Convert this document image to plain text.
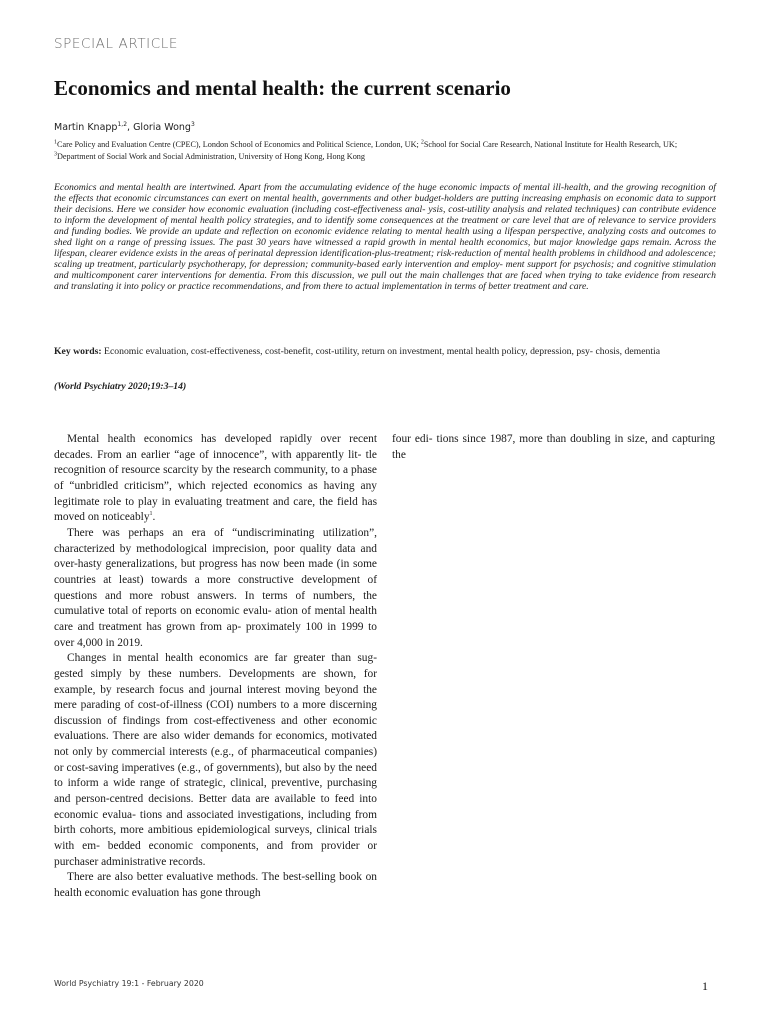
SPECIAL ARTICLE
Economics and mental health: the current scenario
Martin Knapp$^{1,2}$, Gloria Wong$^3$
$^1$Care Policy and Evaluation Centre (CPEC), London School of Economics and Political Science, London, UK; $^2$School for Social Care Research, National Institute for Health Research, UK;
$^3$Department of Social Work and Social Administration, University of Hong Kong, Hong Kong

Economics and mental health are intertwined. Apart from the accumulating evidence of the huge economic impacts of mental ill-health, and the growing recognition of the effects that economic circumstances can exert on mental health, governments and other budget-holders are putting increasing emphasis on economic data to support their decisions. Here we consider how economic evaluation (including cost-effectiveness anal- ysis, cost-utility analysis and related techniques) can contribute evidence to inform the development of mental health policy strategies, and to identify some consequences at the treatment or care level that are of relevance to service providers and funding bodies. We provide an update and reflection on economic evidence relating to mental health using a lifespan perspective, analyzing costs and outcomes to shed light on a range of pressing issues. The past 30 years have witnessed a rapid growth in mental health economics, but major knowledge gaps remain. Across the lifespan, clearer evidence exists in the areas of perinatal depression identification-plus-treatment; risk-reduction of mental health problems in childhood and adolescence; scaling up treatment, particularly psychotherapy, for depression; community-based early intervention and employ- ment support for psychosis; and cognitive stimulation and multicomponent carer interventions for dementia. From this discussion, we pull out the main challenges that are faced when trying to take evidence from research and translating it into policy or practice recommendations, and from there to actual implementation in terms of better treatment and care.

Key words: Economic evaluation, cost-effectiveness, cost-benefit, cost-utility, return on investment, mental health policy, depression, psy- chosis, dementia

(World Psychiatry 2020;19:3–14)

Mental health economics has developed rapidly over recent decades. From an earlier “age of innocence”, with apparently lit- tle recognition of resource scarcity by the research community, to a phase of “unbridled criticism”, which rejected economics as having any legitimate role to play in evaluating treatment and care, the field has moved on noticeably$^1$.

There was perhaps an era of “undiscriminating utilization”, characterized by methodological imprecision, poor quality data and over-hasty generalizations, but progress has now been made (in some countries at least) towards a more constructive development of questions and more robust answers. In terms of numbers, the cumulative total of reports on economic evalu- ation of mental health care and treatment has grown from ap- proximately 100 in 1999 to over 4,000 in 2019.

Changes in mental health economics are far greater than sug- gested simply by these numbers. Developments are shown, for example, by research focus and journal interest moving beyond the mere parading of cost-of-illness (COI) numbers to a more discerning discussion of findings from cost-effectiveness and other economic evaluations. There are also wider demands for economics, motivated not only by commercial interests (e.g., of pharmaceutical companies) or cost-saving imperatives (e.g., of governments), but also by the need to inform a wide range of strategic, clinical, preventive, purchasing and person-centred decisions. Better data are available to feed into economic evalua- tions and associated investigations, including from birth cohorts, more ambitious epidemiological surveys, clinical trials with em- bedded economic components, and from provider or purchaser administrative records.

There are also better evaluative methods. The best-selling book on health economic evaluation has gone through

four edi- tions since 1987, more than doubling in size, and capturing the

World Psychiatry 19:1 - February 2020	1
